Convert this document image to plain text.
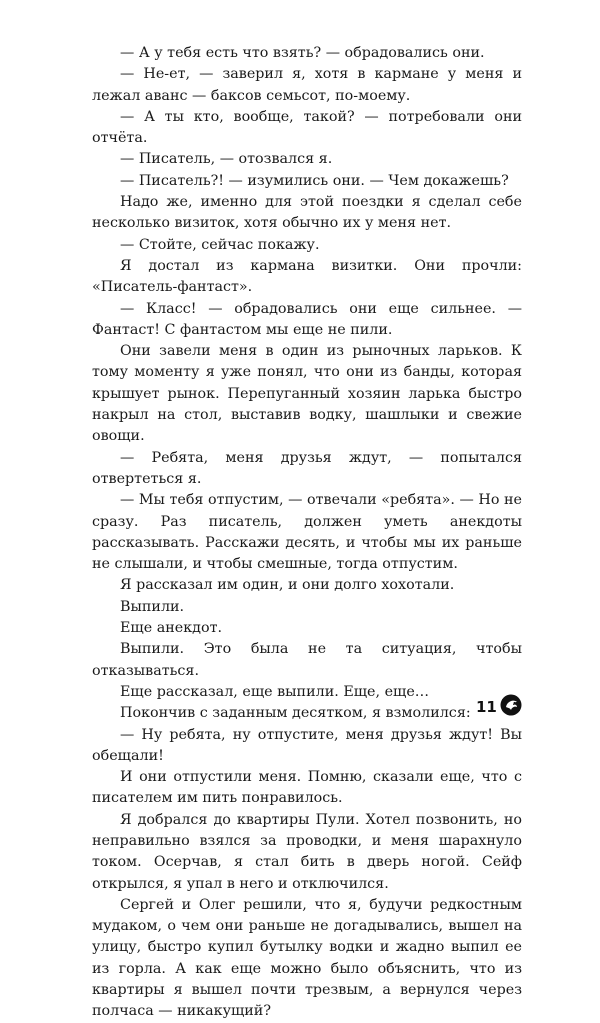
— А у тебя есть что взять? — обрадовались они.

— Не-ет, — заверил я, хотя в кармане у меня и лежал аванс — баксов семьсот, по-моему.

— А ты кто, вообще, такой? — потребовали они отчёта.

— Писатель, — отозвался я.

— Писатель?! — изумились они. — Чем докажешь?

Надо же, именно для этой поездки я сделал себе несколько визиток, хотя обычно их у меня нет.

— Стойте, сейчас покажу.

Я достал из кармана визитки. Они прочли: «Писатель-фантаст».

— Класс! — обрадовались они еще сильнее. — Фантаст! С фантастом мы еще не пили.

Они завели меня в один из рыночных ларьков. К тому моменту я уже понял, что они из банды, которая крышует рынок. Перепуганный хозяин ларька быстро накрыл на стол, выставив водку, шашлыки и свежие овощи.

— Ребята, меня друзья ждут, — попытался отвертеться я.

— Мы тебя отпустим, — отвечали «ребята». — Но не сразу. Раз писатель, должен уметь анекдоты рассказывать. Расскажи десять, и чтобы мы их раньше не слышали, и чтобы смешные, тогда отпустим.

Я рассказал им один, и они долго хохотали.

Выпили.

Еще анекдот.

Выпили. Это была не та ситуация, чтобы отказываться.

Еще рассказал, еще выпили. Еще, еще…

Покончив с заданным десятком, я взмолился:

— Ну ребята, ну отпустите, меня друзья ждут! Вы обещали!

И они отпустили меня. Помню, сказали еще, что с писателем им пить понравилось.

Я добрался до квартиры Пули. Хотел позвонить, но неправильно взялся за проводки, и меня шарахнуло током. Осерчав, я стал бить в дверь ногой. Сейф открылся, я упал в него и отключился.

Сергей и Олег решили, что я, будучи редкостным мудаком, о чем они раньше не догадывались, вышел на улицу, быстро купил бутылку водки и жадно выпил ее из горла. А как еще можно было объяснить, что из квартиры я вышел почти трезвым, а вернулся через полчаса — никакущий?

11
